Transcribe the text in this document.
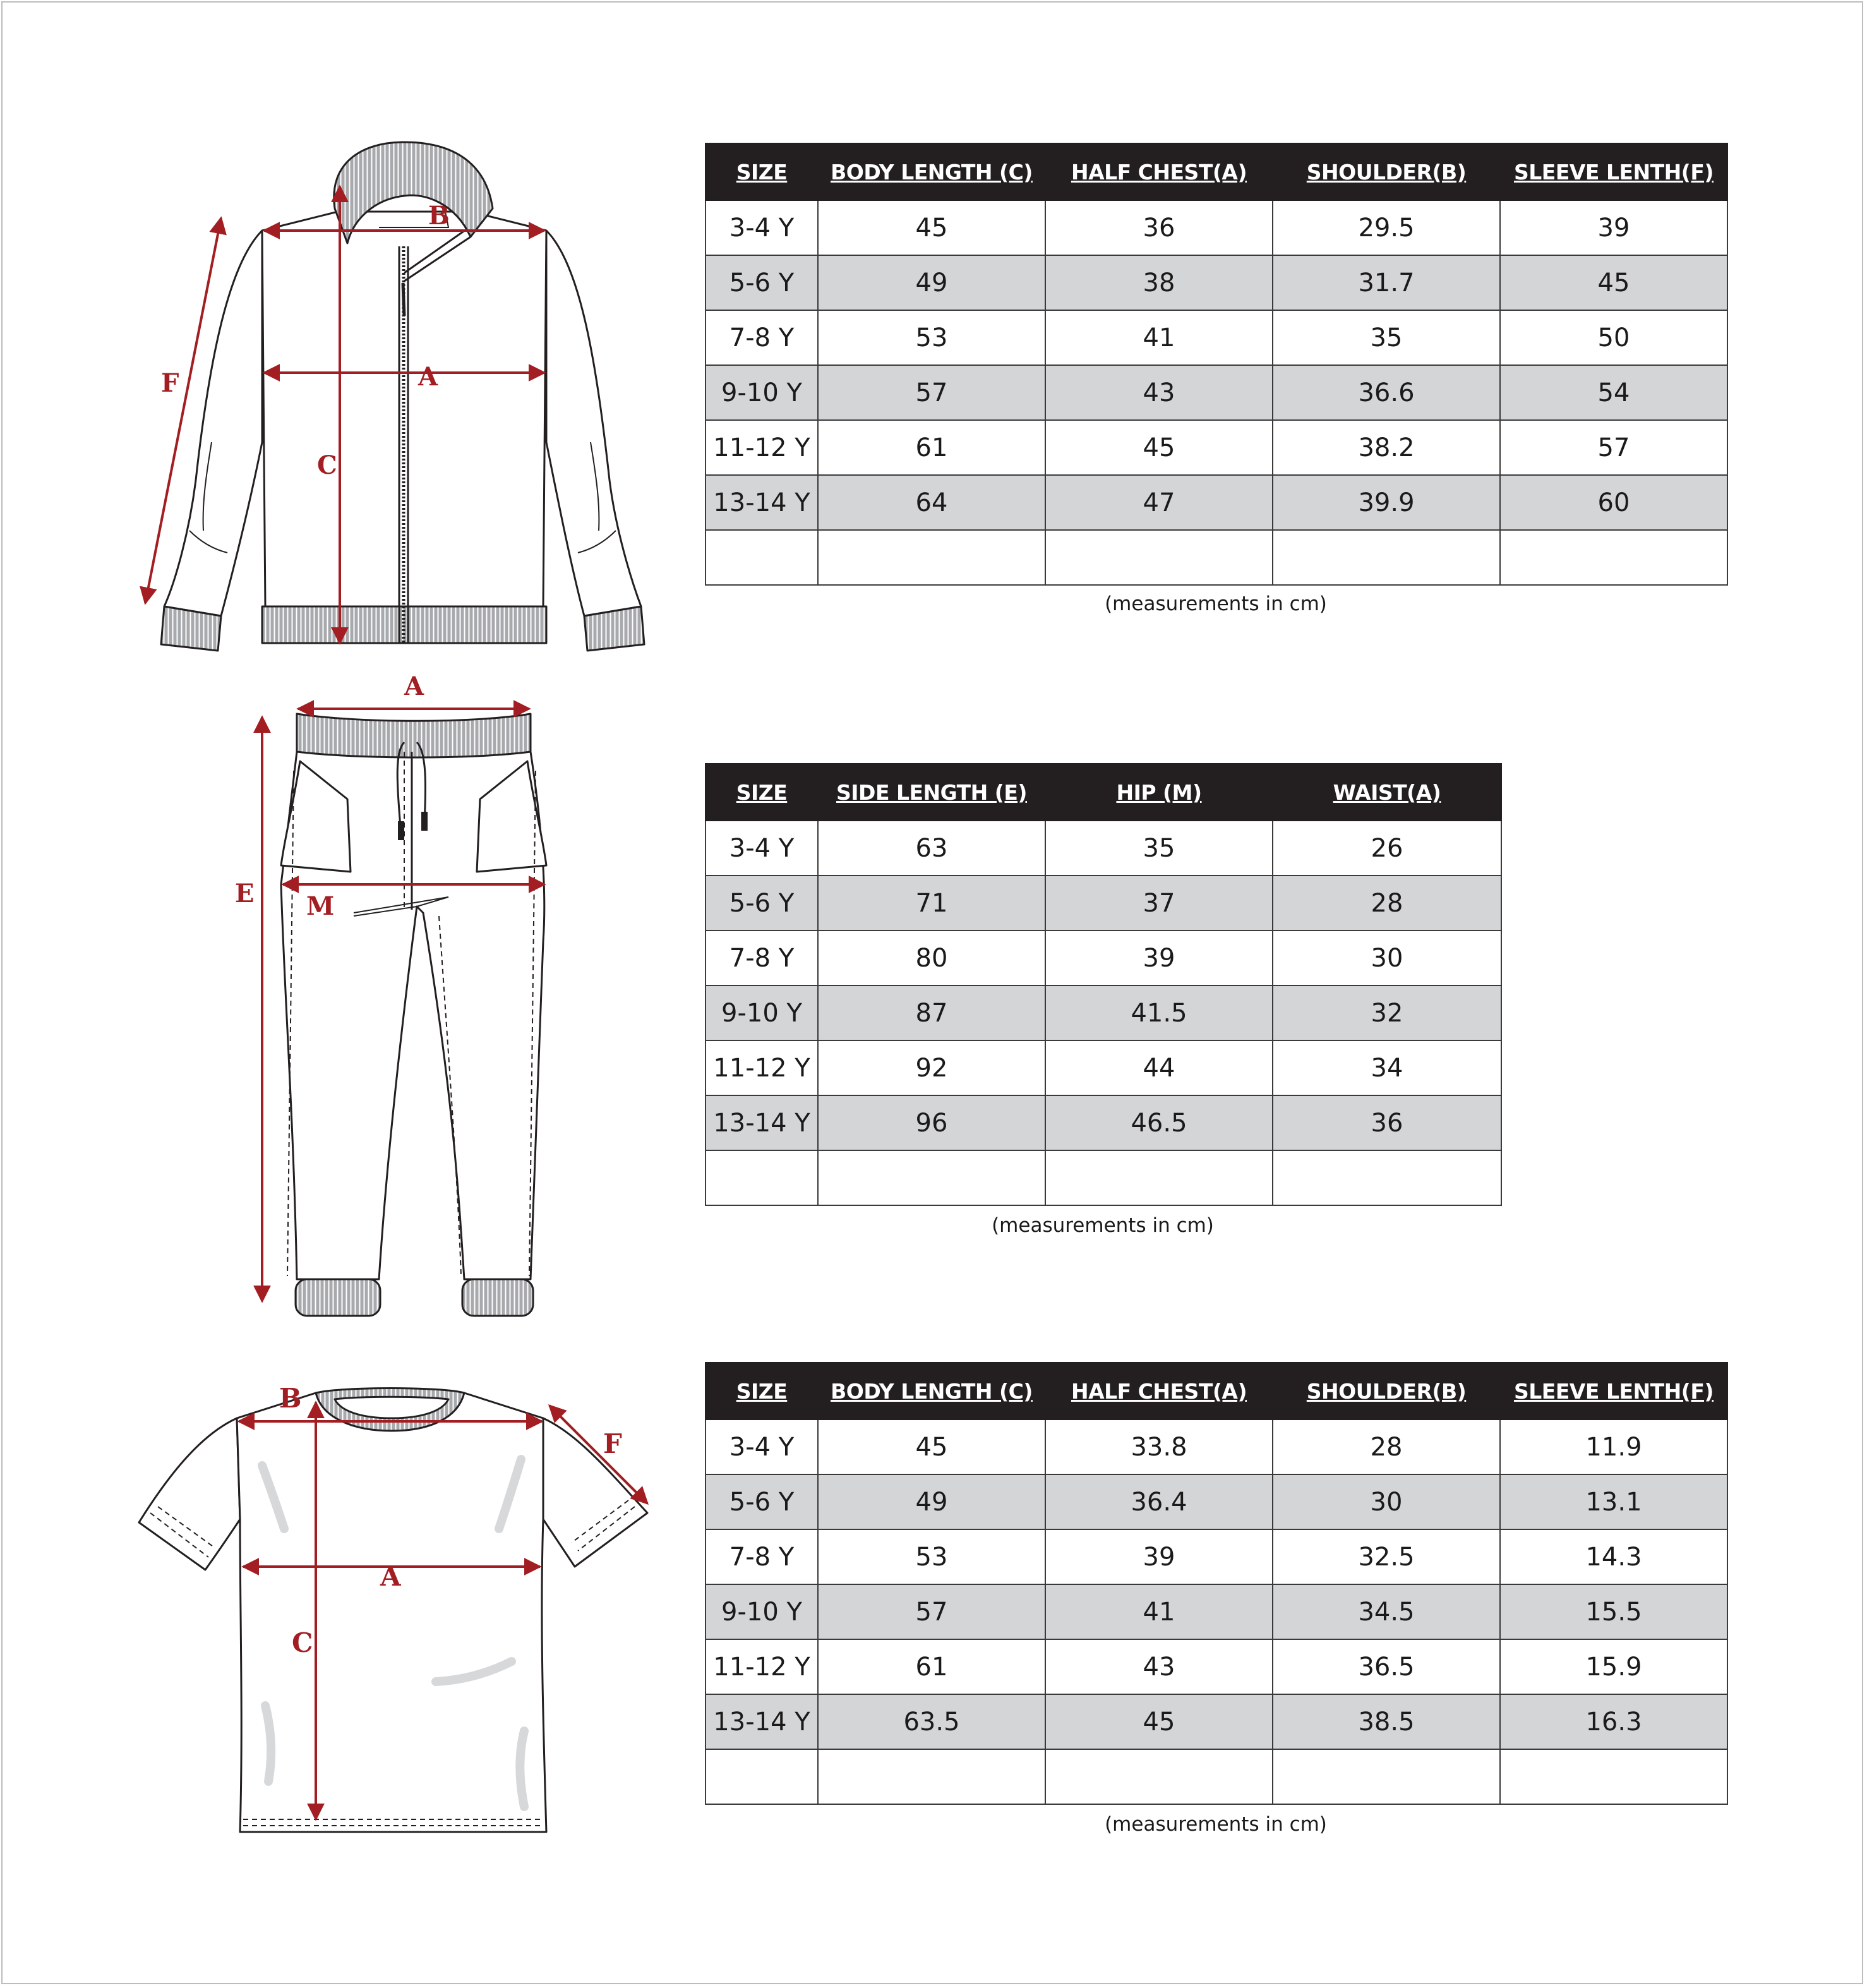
B
A
C
F
SIZE	BODY LENGTH (C)	HALF CHEST(A)	SHOULDER(B)	SLEEVE LENTH(F)
3-4 Y	45	36	29.5	39
5-6 Y	49	38	31.7	45
7-8 Y	53	41	35	50
9-10 Y	57	43	36.6	54
11-12 Y	61	45	38.2	57
13-14 Y	64	47	39.9	60

(measurements in cm)
A
M
E
SIZE	SIDE LENGTH (E)	HIP (M)	WAIST(A)
3-4 Y	63	35	26
5-6 Y	71	37	28
7-8 Y	80	39	30
9-10 Y	87	41.5	32
11-12 Y	92	44	34
13-14 Y	96	46.5	36

(measurements in cm)
B
A
C
F
SIZE	BODY LENGTH (C)	HALF CHEST(A)	SHOULDER(B)	SLEEVE LENTH(F)
3-4 Y	45	33.8	28	11.9
5-6 Y	49	36.4	30	13.1
7-8 Y	53	39	32.5	14.3
9-10 Y	57	41	34.5	15.5
11-12 Y	61	43	36.5	15.9
13-14 Y	63.5	45	38.5	16.3

(measurements in cm)
